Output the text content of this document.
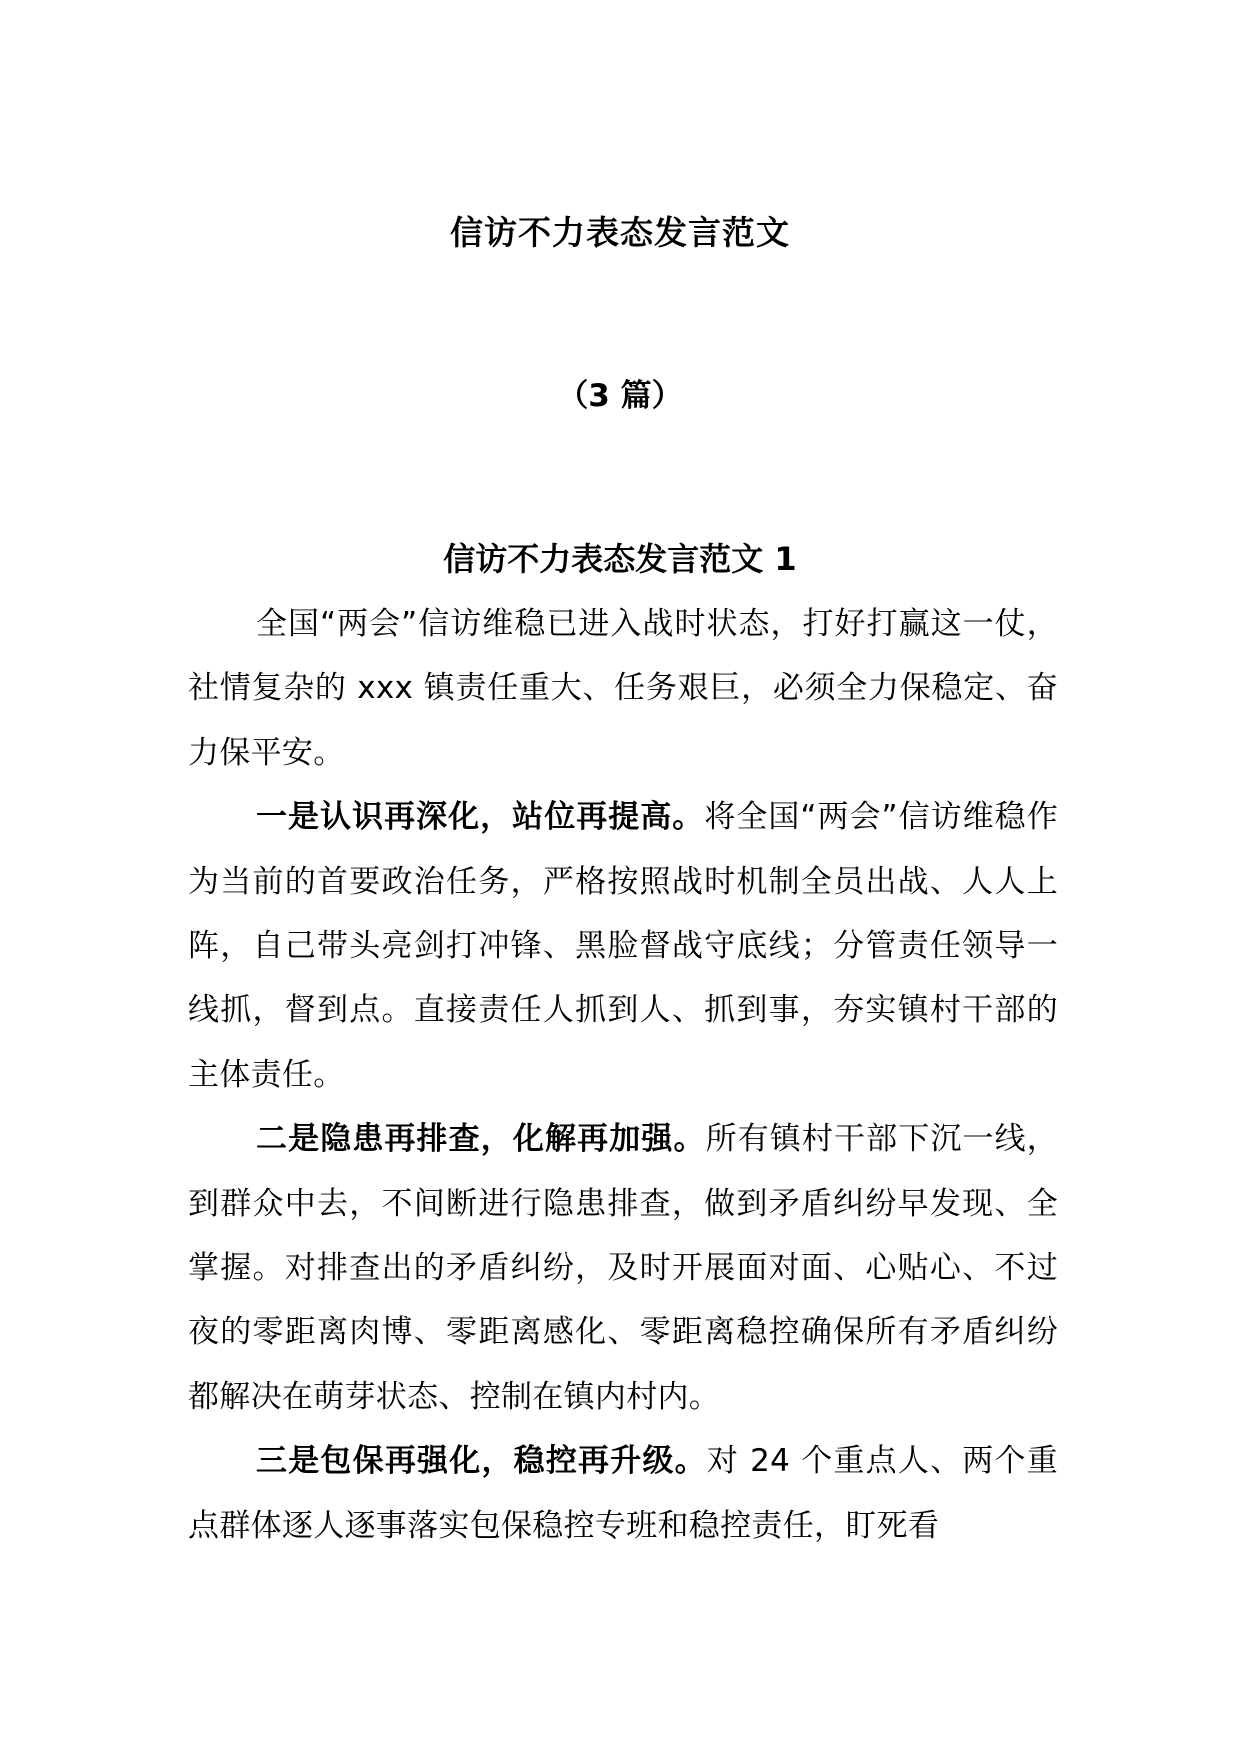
信访不力表态发言范文
（3 篇）
信访不力表态发言范文 1

全国“两会”信访维稳已进入战时状态，打好打赢这一仗，社情复杂的 xxx 镇责任重大、任务艰巨，必须全力保稳定、奋力保平安。

一是认识再深化，站位再提高。将全国“两会”信访维稳作为当前的首要政治任务，严格按照战时机制全员出战、人人上阵，自己带头亮剑打冲锋、黑脸督战守底线；分管责任领导一线抓，督到点。直接责任人抓到人、抓到事，夯实镇村干部的主体责任。

二是隐患再排查，化解再加强。所有镇村干部下沉一线，到群众中去，不间断进行隐患排查，做到矛盾纠纷早发现、全掌握。对排查出的矛盾纠纷，及时开展面对面、心贴心、不过夜的零距离肉博、零距离感化、零距离稳控确保所有矛盾纠纷都解决在萌芽状态、控制在镇内村内。

三是包保再强化，稳控再升级。对 24 个重点人、两个重点群体逐人逐事落实包保稳控专班和稳控责任，盯死看
